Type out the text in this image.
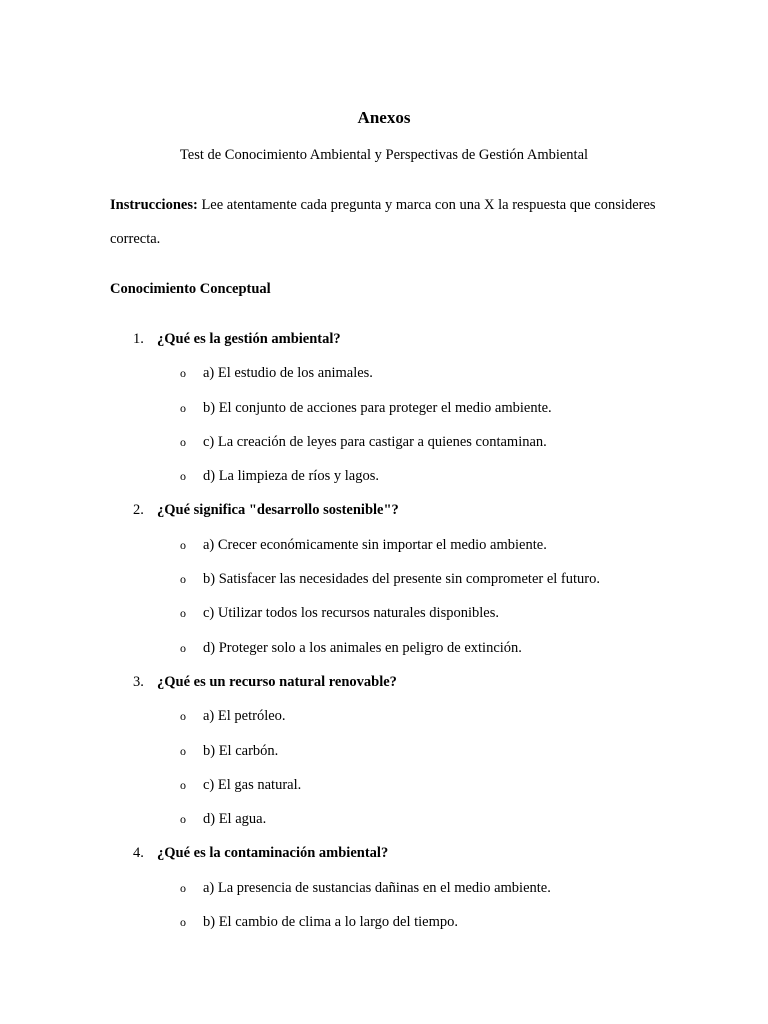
Anexos
Test de Conocimiento Ambiental y Perspectivas de Gestión Ambiental

Instrucciones: Lee atentamente cada pregunta y marca con una X la respuesta que consideres correcta.

Conocimiento Conceptual
1. ¿Qué es la gestión ambiental?
o	a) El estudio de los animales.
o	b) El conjunto de acciones para proteger el medio ambiente.
o	c) La creación de leyes para castigar a quienes contaminan.
o	d) La limpieza de ríos y lagos.
2. ¿Qué significa "desarrollo sostenible"?
o	a) Crecer económicamente sin importar el medio ambiente.
o	b) Satisfacer las necesidades del presente sin comprometer el futuro.
o	c) Utilizar todos los recursos naturales disponibles.
o	d) Proteger solo a los animales en peligro de extinción.
3. ¿Qué es un recurso natural renovable?
o	a) El petróleo.
o	b) El carbón.
o	c) El gas natural.
o	d) El agua.
4. ¿Qué es la contaminación ambiental?
o	a) La presencia de sustancias dañinas en el medio ambiente.
o	b) El cambio de clima a lo largo del tiempo.
